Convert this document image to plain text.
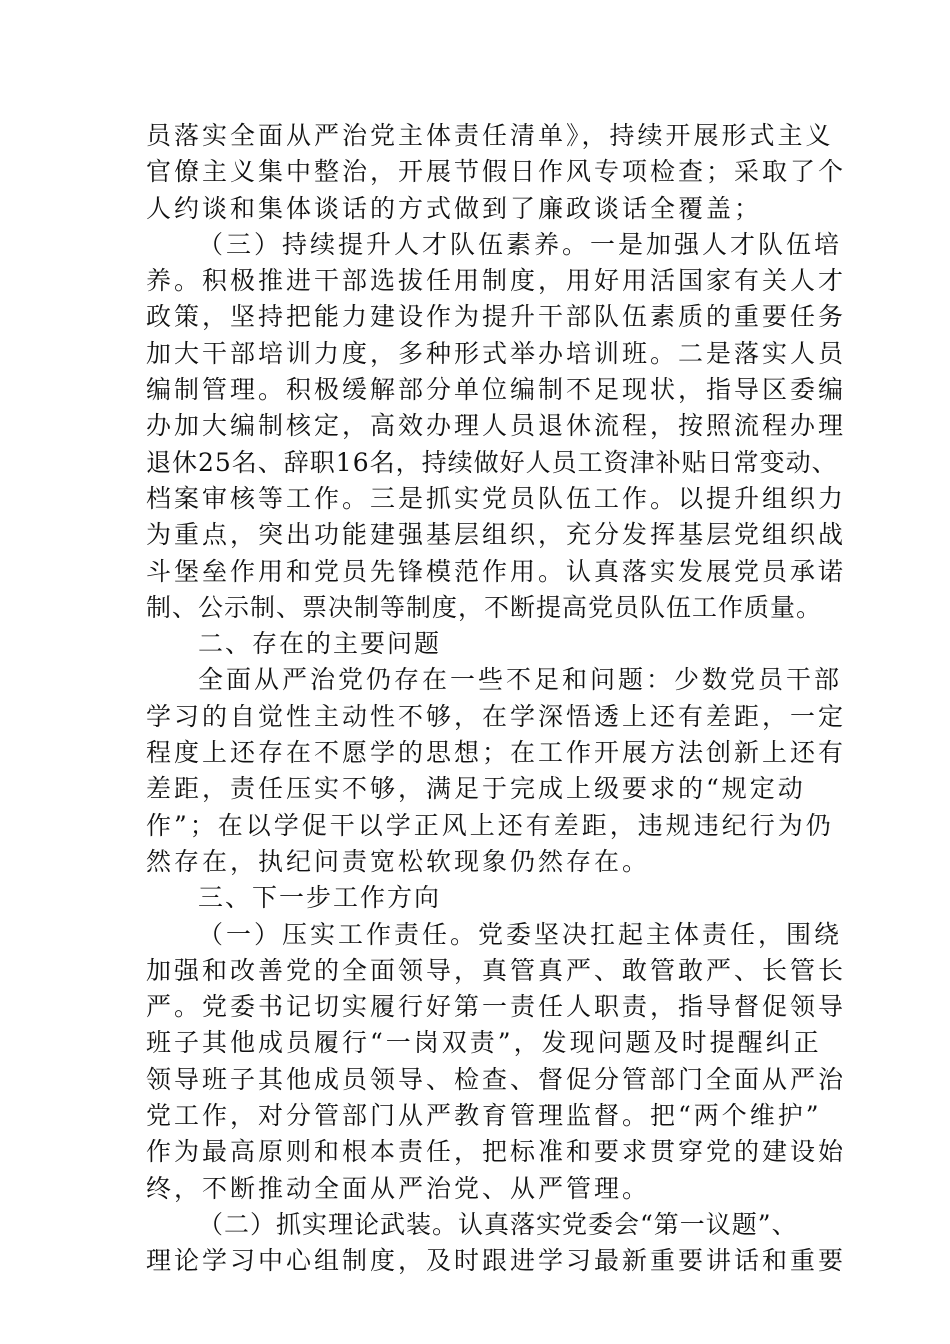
员落实全面从严治党主体责任清单》，持续开展形式主义
官僚主义集中整治，开展节假日作风专项检查；采取了个
人约谈和集体谈话的方式做到了廉政谈话全覆盖；
（三）持续提升人才队伍素养。一是加强人才队伍培
养。积极推进干部选拔任用制度，用好用活国家有关人才
政策，坚持把能力建设作为提升干部队伍素质的重要任务
加大干部培训力度，多种形式举办培训班。二是落实人员
编制管理。积极缓解部分单位编制不足现状，指导区委编
办加大编制核定，高效办理人员退休流程，按照流程办理
退休25名、辞职16名，持续做好人员工资津补贴日常变动、
档案审核等工作。三是抓实党员队伍工作。以提升组织力
为重点，突出功能建强基层组织，充分发挥基层党组织战
斗堡垒作用和党员先锋模范作用。认真落实发展党员承诺
制、公示制、票决制等制度，不断提高党员队伍工作质量。
二、存在的主要问题
全面从严治党仍存在一些不足和问题：少数党员干部
学习的自觉性主动性不够，在学深悟透上还有差距，一定
程度上还存在不愿学的思想；在工作开展方法创新上还有
差距，责任压实不够，满足于完成上级要求的“规定动
作”；在以学促干以学正风上还有差距，违规违纪行为仍
然存在，执纪问责宽松软现象仍然存在。
三、下一步工作方向
（一）压实工作责任。党委坚决扛起主体责任，围绕
加强和改善党的全面领导，真管真严、敢管敢严、长管长
严。党委书记切实履行好第一责任人职责，指导督促领导
班子其他成员履行“一岗双责”，发现问题及时提醒纠正
领导班子其他成员领导、检查、督促分管部门全面从严治
党工作，对分管部门从严教育管理监督。把“两个维护”
作为最高原则和根本责任，把标准和要求贯穿党的建设始
终，不断推动全面从严治党、从严管理。
（二）抓实理论武装。认真落实党委会“第一议题”、
理论学习中心组制度，及时跟进学习最新重要讲话和重要
